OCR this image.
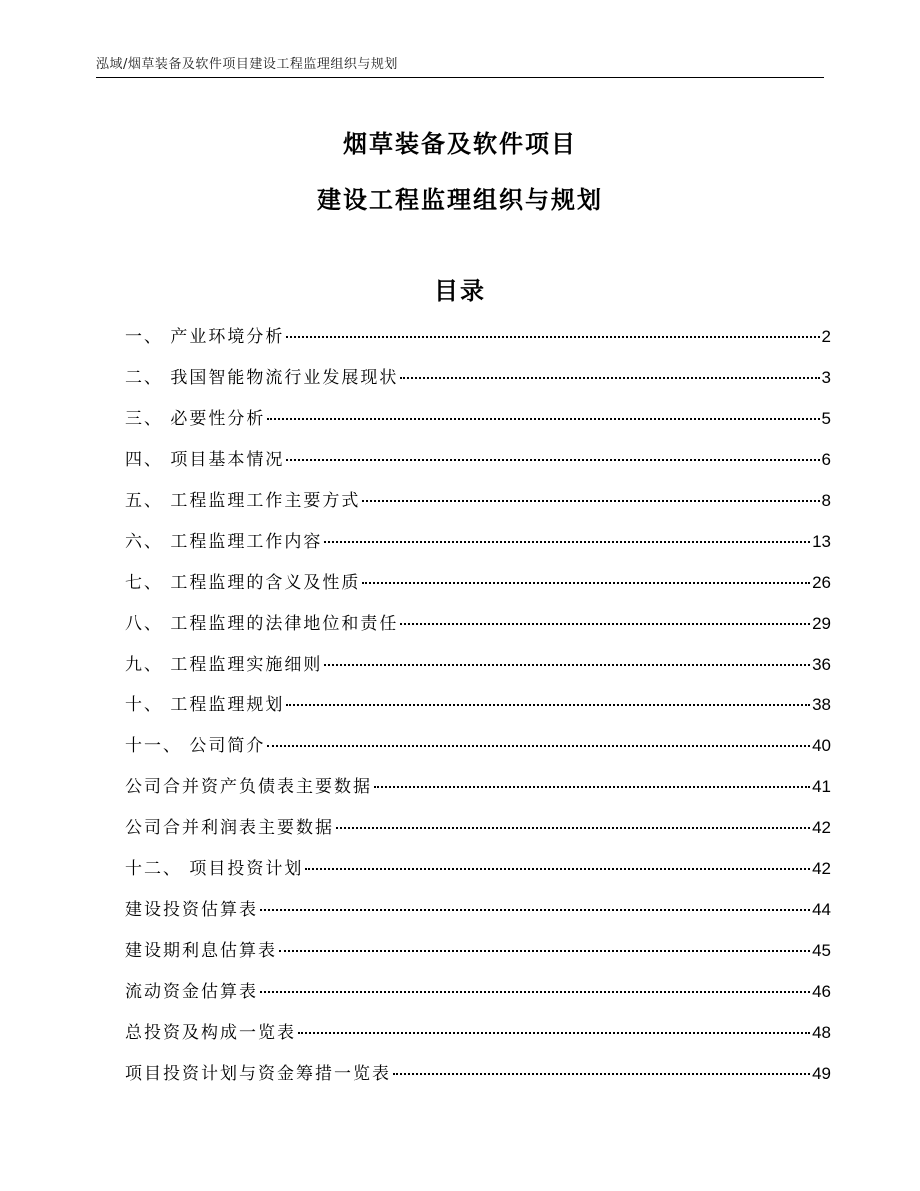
泓域/烟草装备及软件项目建设工程监理组织与规划
烟草装备及软件项目
建设工程监理组织与规划
目录
一、 产业环境分析	2
二、 我国智能物流行业发展现状	3
三、 必要性分析	5
四、 项目基本情况	6
五、 工程监理工作主要方式	8
六、 工程监理工作内容	13
七、 工程监理的含义及性质	26
八、 工程监理的法律地位和责任	29
九、 工程监理实施细则	36
十、 工程监理规划	38
十一、 公司简介	40
公司合并资产负债表主要数据	41
公司合并利润表主要数据	42
十二、 项目投资计划	42
建设投资估算表	44
建设期利息估算表	45
流动资金估算表	46
总投资及构成一览表	48
项目投资计划与资金筹措一览表	49
